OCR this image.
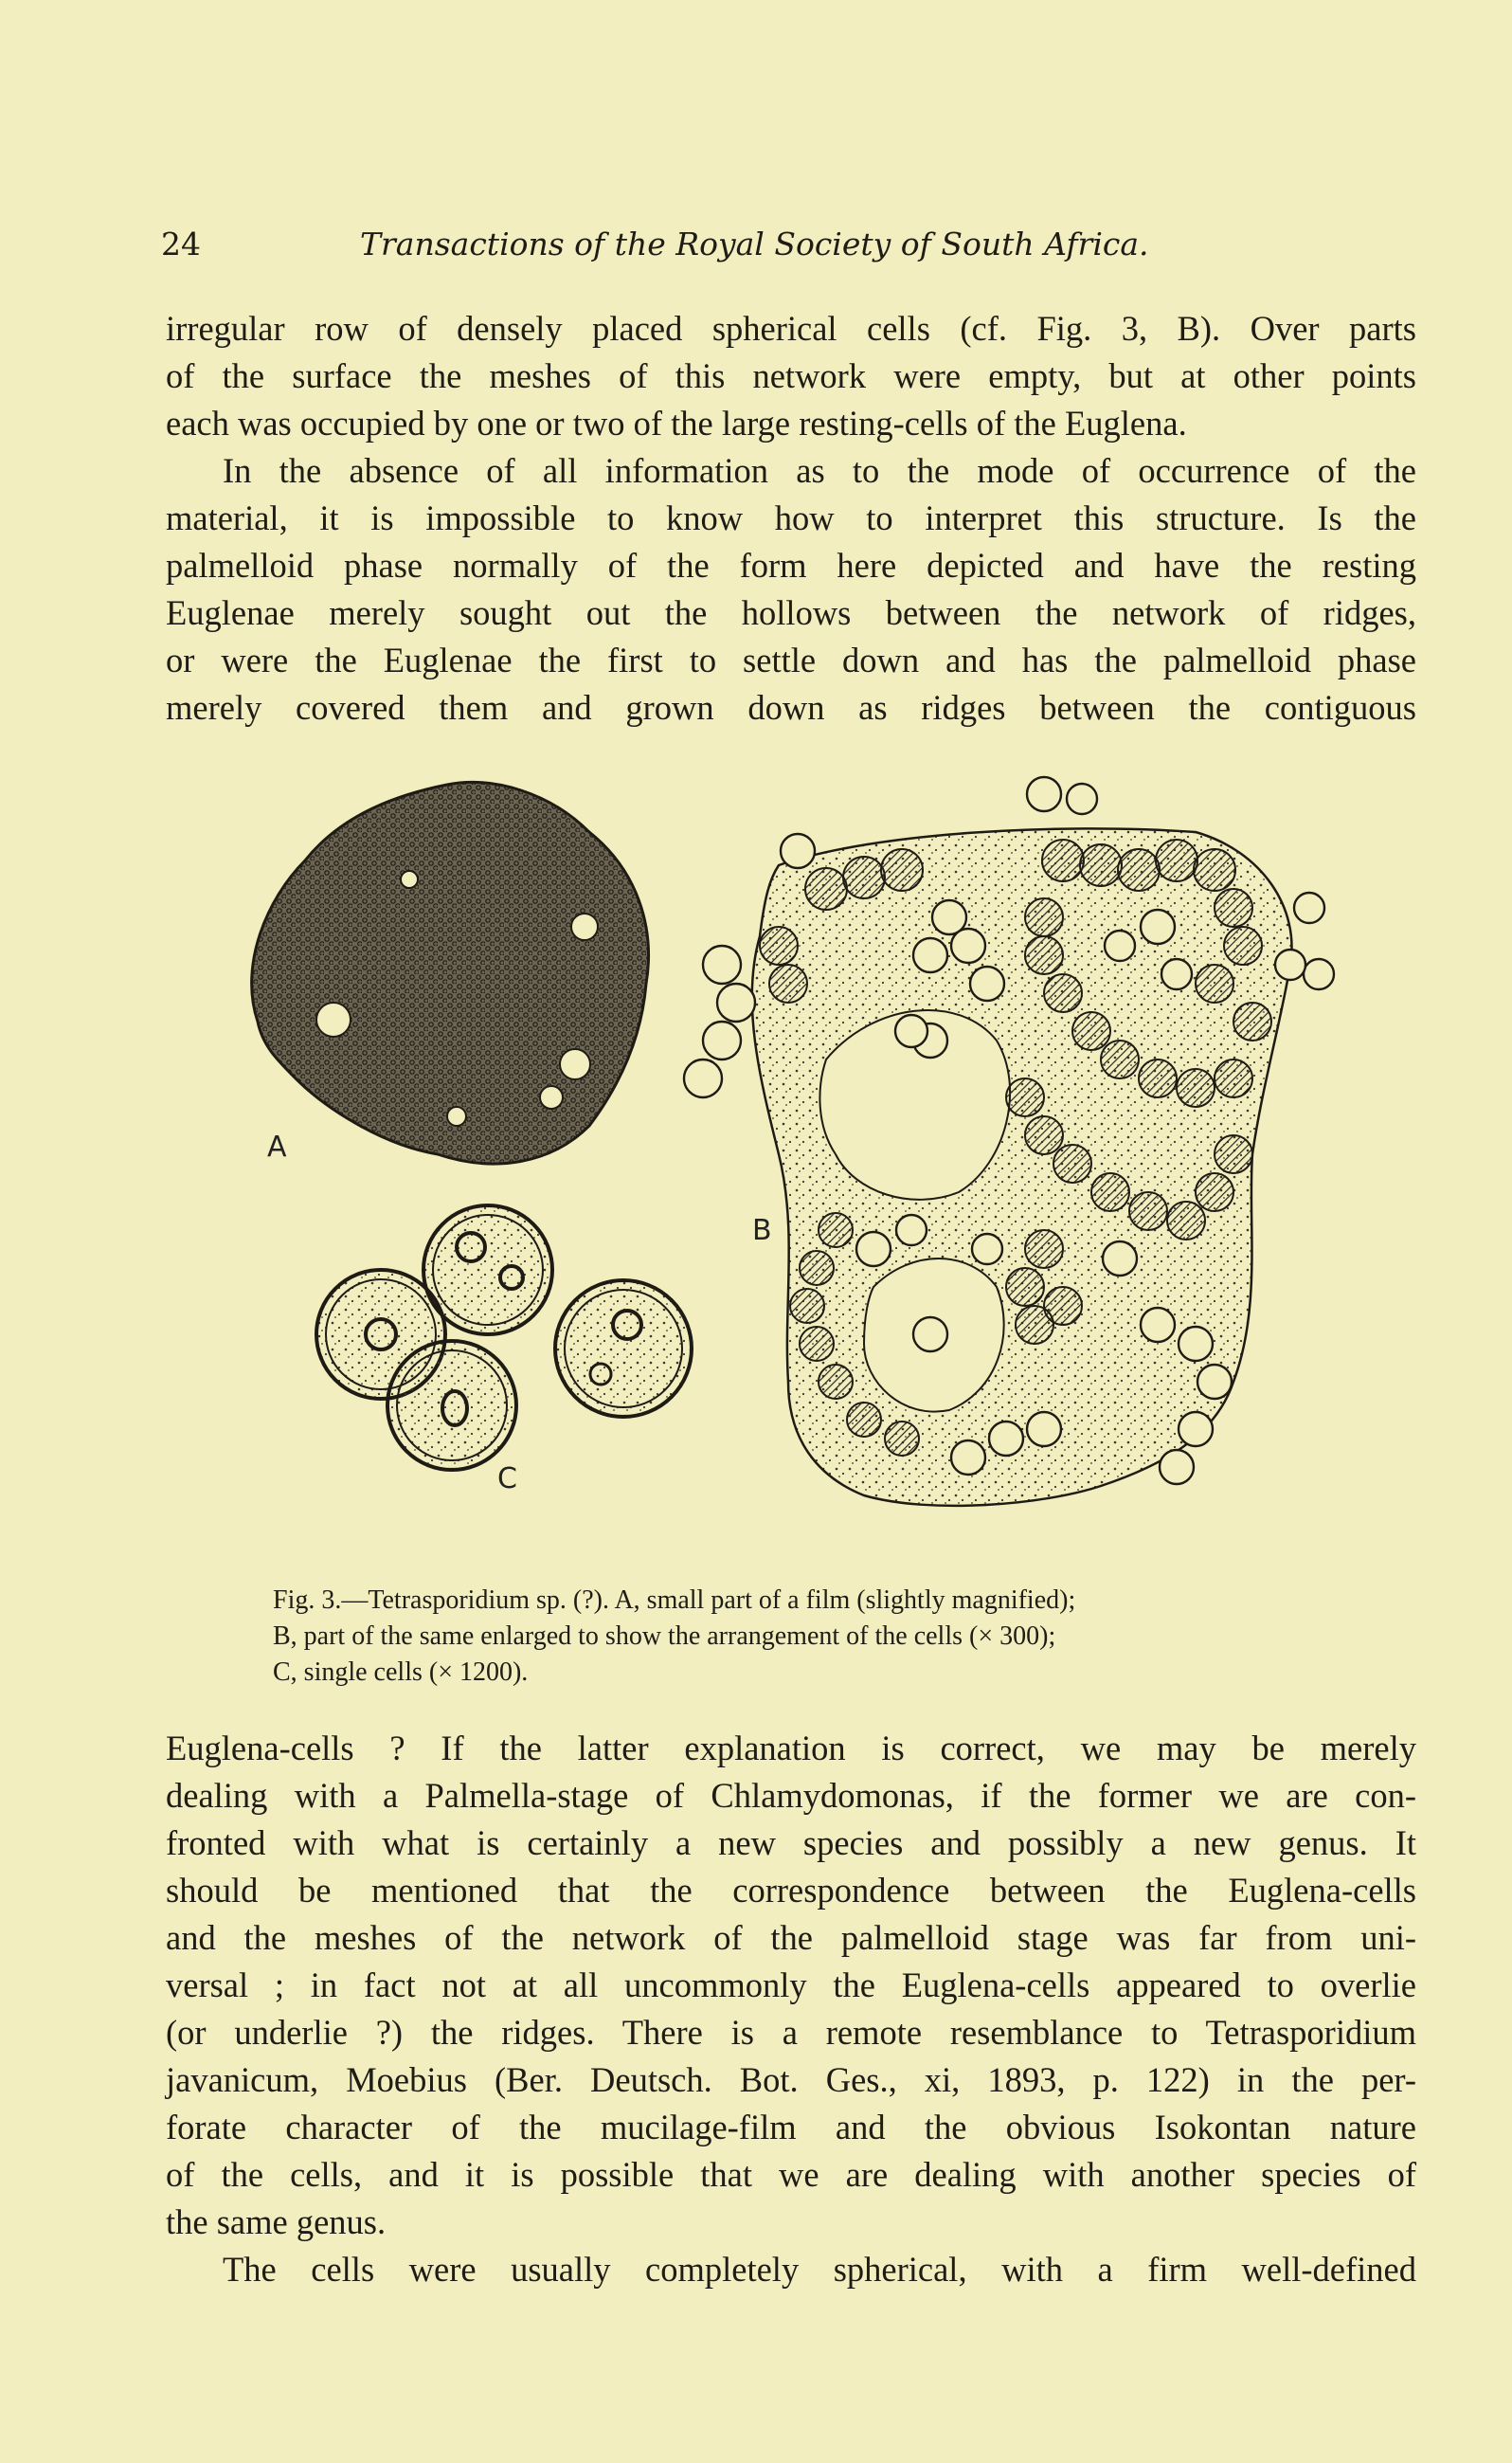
24	Transactions of the Royal Society of South Africa.

irregular row of densely placed spherical cells (cf. Fig. 3, B). Over parts
of the surface the meshes of this network were empty, but at other points
each was occupied by one or two of the large resting-cells of the Euglena.

In the absence of all information as to the mode of occurrence of the
material, it is impossible to know how to interpret this structure. Is the
palmelloid phase normally of the form here depicted and have the resting
Euglenae merely sought out the hollows between the network of ridges,
or were the Euglenae the first to settle down and has the palmelloid phase
merely covered them and grown down as ridges between the contiguous

A
C
B
Fig. 3.—Tetrasporidium sp. (?). A, small part of a film (slightly magnified);
B, part of the same enlarged to show the arrangement of the cells (× 300);
C, single cells (× 1200).

Euglena-cells ? If the latter explanation is correct, we may be merely
dealing with a Palmella-stage of Chlamydomonas, if the former we are con-
fronted with what is certainly a new species and possibly a new genus. It
should be mentioned that the correspondence between the Euglena-cells
and the meshes of the network of the palmelloid stage was far from uni-
versal ; in fact not at all uncommonly the Euglena-cells appeared to overlie
(or underlie ?) the ridges. There is a remote resemblance to Tetrasporidium
javanicum, Moebius (Ber. Deutsch. Bot. Ges., xi, 1893, p. 122) in the per-
forate character of the mucilage-film and the obvious Isokontan nature
of the cells, and it is possible that we are dealing with another species of
the same genus.

The cells were usually completely spherical, with a firm well-defined
